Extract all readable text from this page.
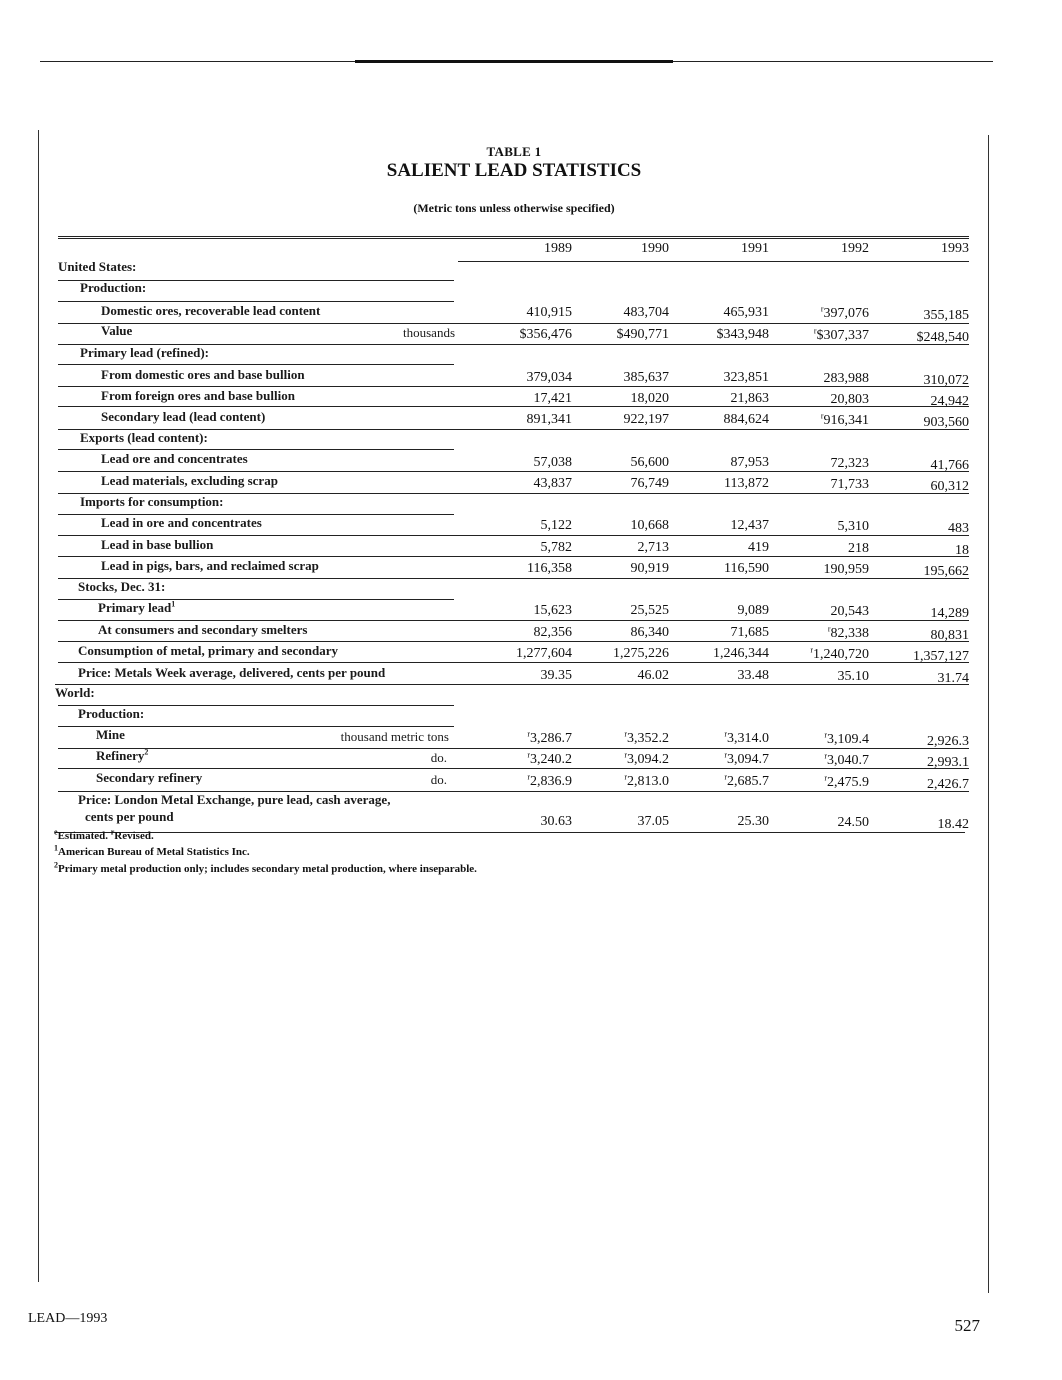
TABLE 1
SALIENT LEAD STATISTICS
(Metric tons unless otherwise specified)
1989	1990	1991	1992	1993
United States:
Production:
Domestic ores, recoverable lead content	410,915	483,704	465,931	$^r$397,076	355,185
Value	thousands	$356,476	$490,771	$343,948	$^r$\$307,337	$248,540
Primary lead (refined):
From domestic ores and base bullion	379,034	385,637	323,851	283,988	310,072
From foreign ores and base bullion	17,421	18,020	21,863	20,803	24,942
Secondary lead (lead content)	891,341	922,197	884,624	$^r$916,341	903,560
Exports (lead content):
Lead ore and concentrates	57,038	56,600	87,953	72,323	41,766
Lead materials, excluding scrap	43,837	76,749	113,872	71,733	60,312
Imports for consumption:
Lead in ore and concentrates	5,122	10,668	12,437	5,310	483
Lead in base bullion	5,782	2,713	419	218	18
Lead in pigs, bars, and reclaimed scrap	116,358	90,919	116,590	190,959	195,662
Stocks, Dec. 31:
Primary lead$^1$	15,623	25,525	9,089	20,543	14,289
At consumers and secondary smelters	82,356	86,340	71,685	$^r$82,338	80,831
Consumption of metal, primary and secondary	1,277,604	1,275,226	1,246,344	$^r$1,240,720	1,357,127
Price: Metals Week average, delivered, cents per pound	39.35	46.02	33.48	35.10	31.74
World:
Production:
Mine	thousand metric tons	$^r$3,286.7	$^r$3,352.2	$^r$3,314.0	$^r$3,109.4	2,926.3
Refinery$^2$	do.	$^r$3,240.2	$^r$3,094.2	$^r$3,094.7	$^r$3,040.7	2,993.1
Secondary refinery	do.	$^r$2,836.9	$^r$2,813.0	$^r$2,685.7	$^r$2,475.9	2,426.7
Price: London Metal Exchange, pure lead, cash average,
cents per pound	30.63	37.05	25.30	24.50	18.42
$^e$Estimated. $^r$Revised.
$^1$American Bureau of Metal Statistics Inc.
$^2$Primary metal production only; includes secondary metal production, where inseparable.
LEAD—1993	527
